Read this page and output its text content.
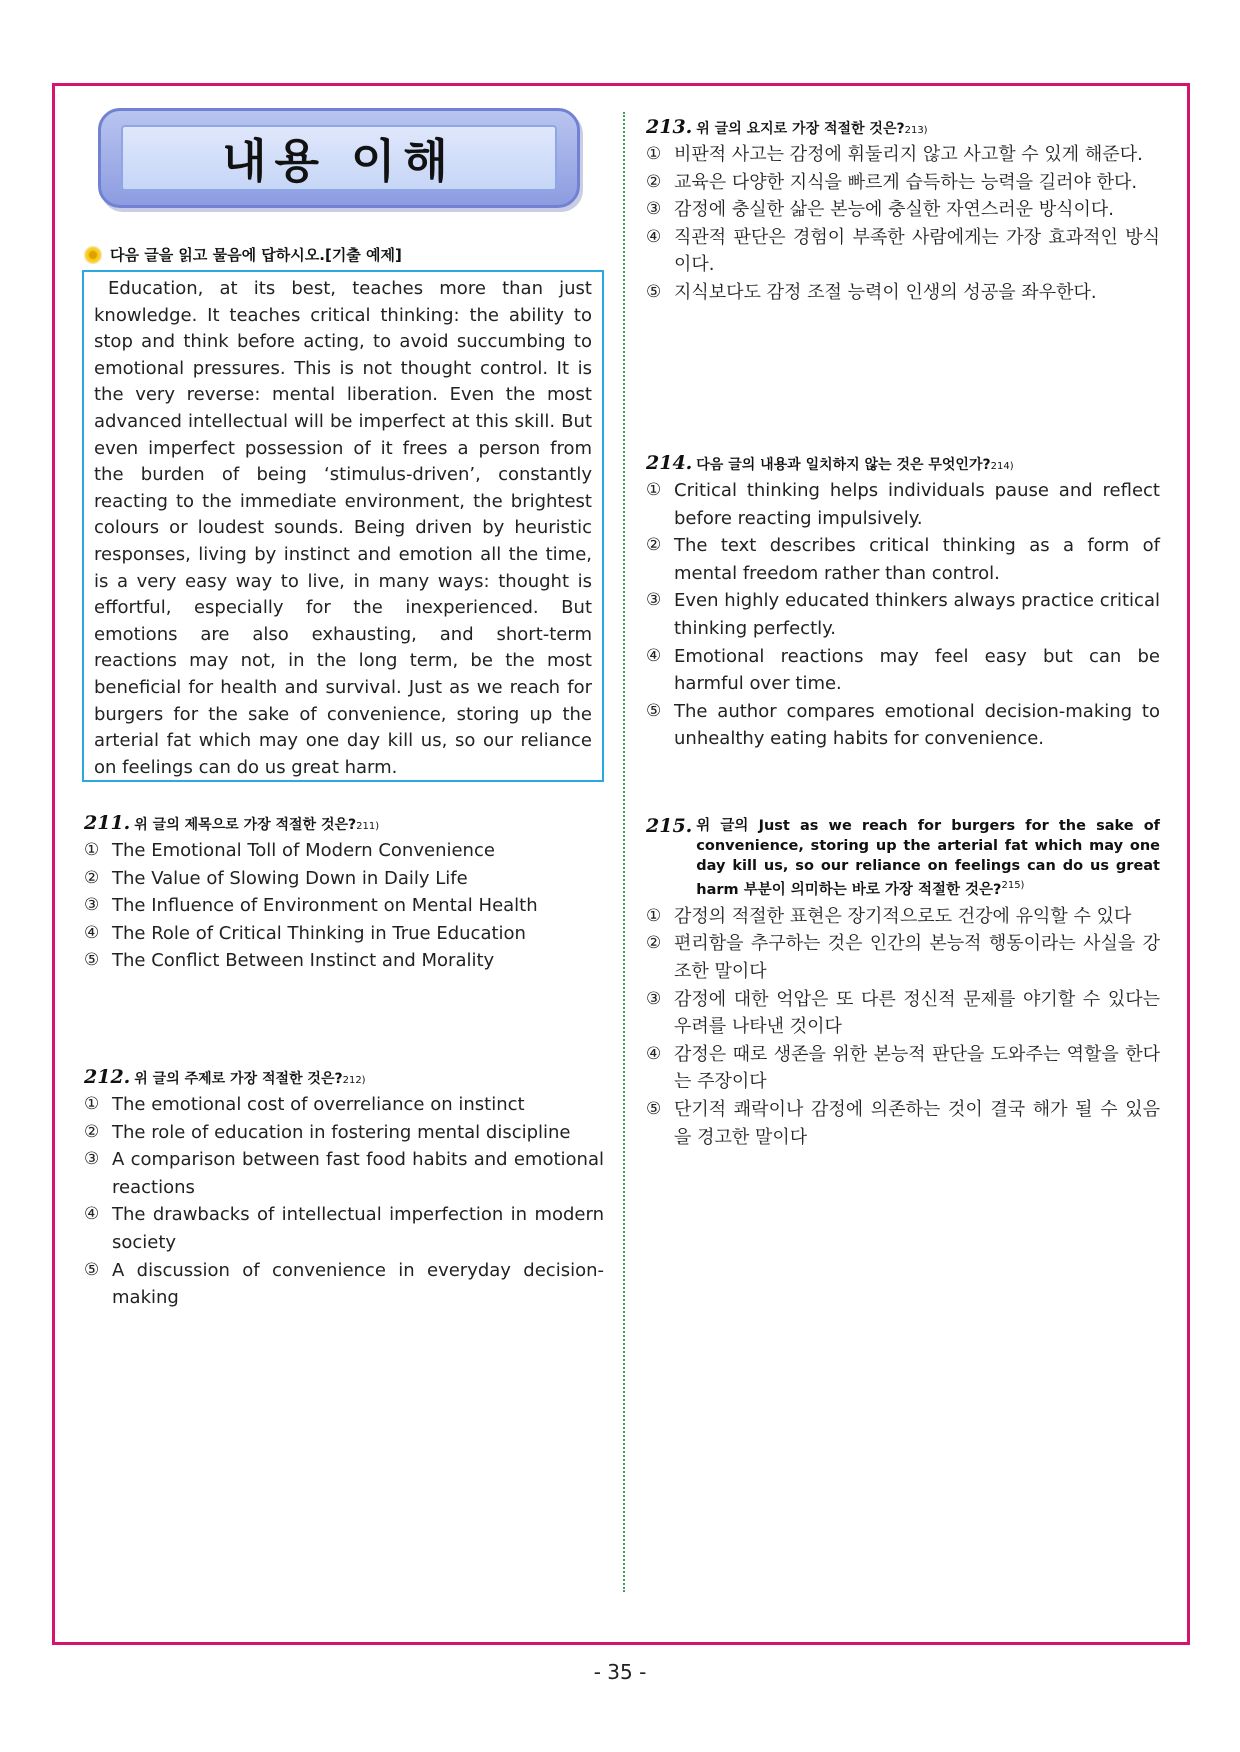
내용 이해
다음 글을 읽고 물음에 답하시오.[기출 예제]
Education, at its best, teaches more than just knowledge. It teaches critical thinking: the ability to stop and think before acting, to avoid succumbing to emotional pressures. This is not thought control. It is the very reverse: mental liberation. Even the most advanced intellectual will be imperfect at this skill. But even imperfect possession of it frees a person from the burden of being ‘stimulus-driven’, constantly reacting to the immediate environment, the brightest colours or loudest sounds. Being driven by heuristic responses, living by instinct and emotion all the time, is a very easy way to live, in many ways: thought is effortful, especially for the inexperienced. But emotions are also exhausting, and short-term reactions may not, in the long term, be the most beneficial for health and survival. Just as we reach for burgers for the sake of convenience, storing up the arterial fat which may one day kill us, so our reliance on feelings can do us great harm.
211. 위 글의 제목으로 가장 적절한 것은? 211)
① The Emotional Toll of Modern Convenience
② The Value of Slowing Down in Daily Life
③ The Influence of Environment on Mental Health
④ The Role of Critical Thinking in True Education
⑤ The Conflict Between Instinct and Morality
212. 위 글의 주제로 가장 적절한 것은? 212)
① The emotional cost of overreliance on instinct
② The role of education in fostering mental discipline
③ A comparison between fast food habits and emotional reactions
④ The drawbacks of intellectual imperfection in modern society
⑤ A discussion of convenience in everyday decision-making
213. 위 글의 요지로 가장 적절한 것은? 213)
① 비판적 사고는 감정에 휘둘리지 않고 사고할 수 있게 해준다.
② 교육은 다양한 지식을 빠르게 습득하는 능력을 길러야 한다.
③ 감정에 충실한 삶은 본능에 충실한 자연스러운 방식이다.
④ 직관적 판단은 경험이 부족한 사람에게는 가장 효과적인 방식이다.
⑤ 지식보다도 감정 조절 능력이 인생의 성공을 좌우한다.
214. 다음 글의 내용과 일치하지 않는 것은 무엇인가? 214)
① Critical thinking helps individuals pause and reflect before reacting impulsively.
② The text describes critical thinking as a form of mental freedom rather than control.
③ Even highly educated thinkers always practice critical thinking perfectly.
④ Emotional reactions may feel easy but can be harmful over time.
⑤ The author compares emotional decision-making to unhealthy eating habits for convenience.
215. 위 글의 Just as we reach for burgers for the sake of convenience, storing up the arterial fat which may one day kill us, so our reliance on feelings can do us great harm 부분이 의미하는 바로 가장 적절한 것은?$^{215)}$
① 감정의 적절한 표현은 장기적으로도 건강에 유익할 수 있다
② 편리함을 추구하는 것은 인간의 본능적 행동이라는 사실을 강조한 말이다
③ 감정에 대한 억압은 또 다른 정신적 문제를 야기할 수 있다는 우려를 나타낸 것이다
④ 감정은 때로 생존을 위한 본능적 판단을 도와주는 역할을 한다는 주장이다
⑤ 단기적 쾌락이나 감정에 의존하는 것이 결국 해가 될 수 있음을 경고한 말이다
- 35 -
